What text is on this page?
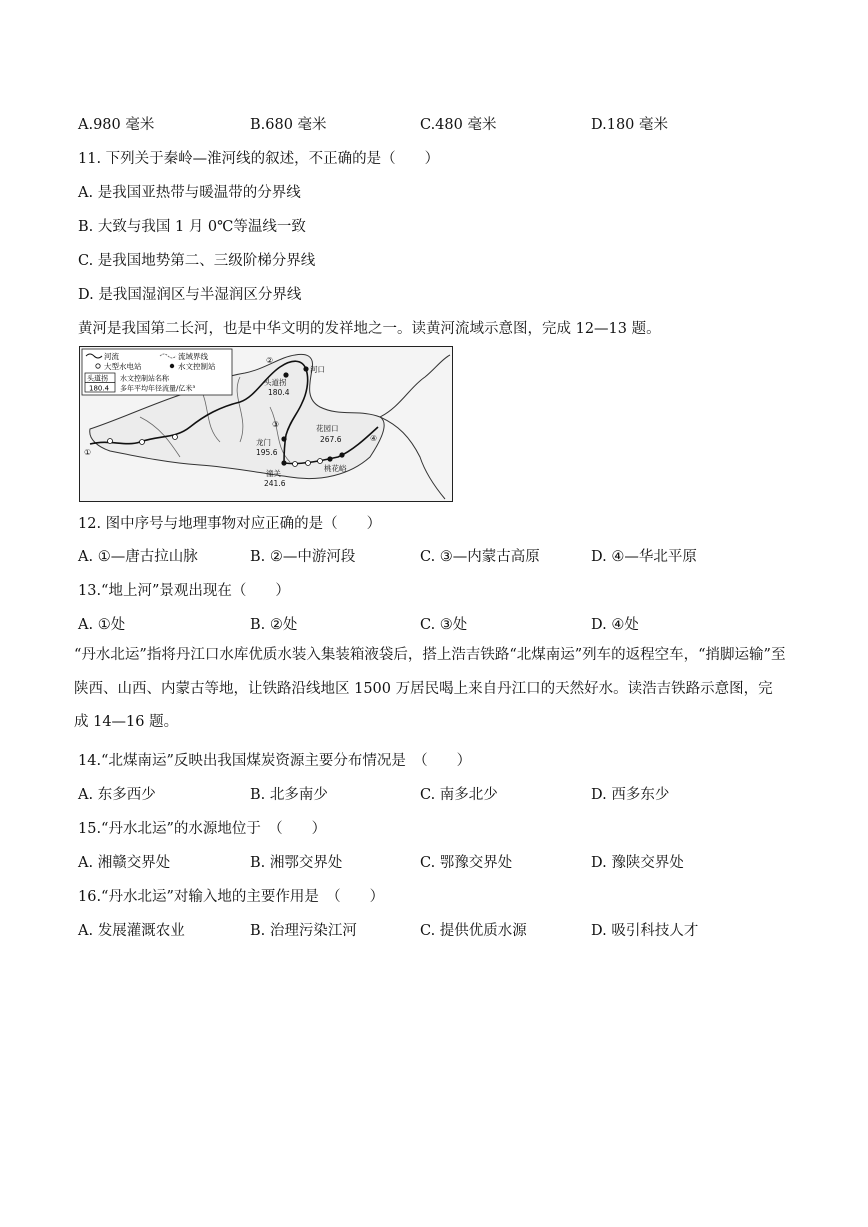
A.980 毫米	B.680 毫米	C.480 毫米	D.180 毫米
11. 下列关于秦岭—淮河线的叙述，不正确的是（　　）
A. 是我国亚热带与暖温带的分界线
B. 大致与我国 1 月 0℃等温线一致
C. 是我国地势第二、三级阶梯分界线
D. 是我国湿润区与半湿润区分界线
黄河是我国第二长河，也是中华文明的发祥地之一。读黄河流域示意图，完成 12—13 题。
河流	流域界线
大型水电站	水文控制站
头道拐
180.4
水文控制站名称
多年平均年径流量/亿米³
①
②
③
④
河口
头道拐
180.4
龙门
195.6
潼关
241.6
花园口
267.6
桃花峪
12. 图中序号与地理事物对应正确的是（　　）
A. ①—唐古拉山脉	B. ②—中游河段	C. ③—内蒙古高原	D. ④—华北平原
13.“地上河”景观出现在（　　）
A. ①处	B. ②处	C. ③处	D. ④处
“丹水北运”指将丹江口水库优质水装入集装箱液袋后，搭上浩吉铁路“北煤南运”列车的返程空车，“捎脚运输”至陕西、山西、内蒙古等地，让铁路沿线地区 1500 万居民喝上来自丹江口的天然好水。读浩吉铁路示意图，完成 14—16 题。
14.“北煤南运”反映出我国煤炭资源主要分布情况是　（　　）
A. 东多西少	B. 北多南少	C. 南多北少	D. 西多东少
15.“丹水北运”的水源地位于　（　　）
A. 湘赣交界处	B. 湘鄂交界处	C. 鄂豫交界处	D. 豫陕交界处
16.“丹水北运”对输入地的主要作用是　（　　）
A. 发展灌溉农业	B. 治理污染江河	C. 提供优质水源	D. 吸引科技人才
